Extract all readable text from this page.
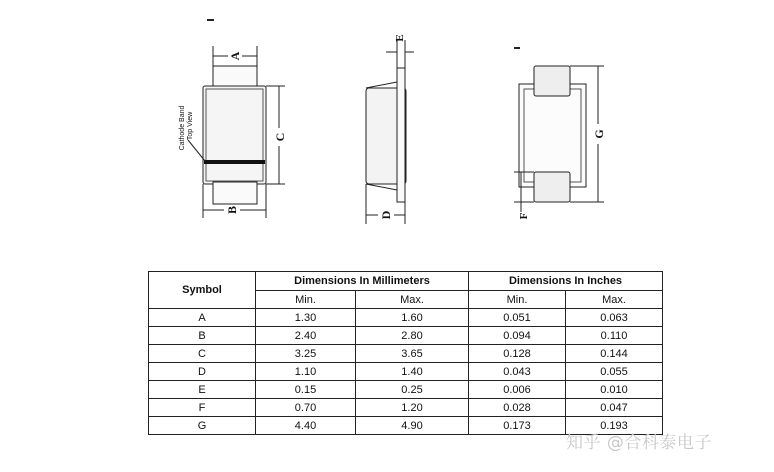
A
B
C
E
D
G
F
Cathode Band Top View
Symbol	Dimensions In Millimeters		Dimensions In Inches	
	Min.	Max.	Min.	Max.
A	1.30	1.60	0.051	0.063
B	2.40	2.80	0.094	0.110
C	3.25	3.65	0.128	0.144
D	1.10	1.40	0.043	0.055
E	0.15	0.25	0.006	0.010
F	0.70	1.20	0.028	0.047
G	4.40	4.90	0.173	0.193
知乎 @合科泰电子
